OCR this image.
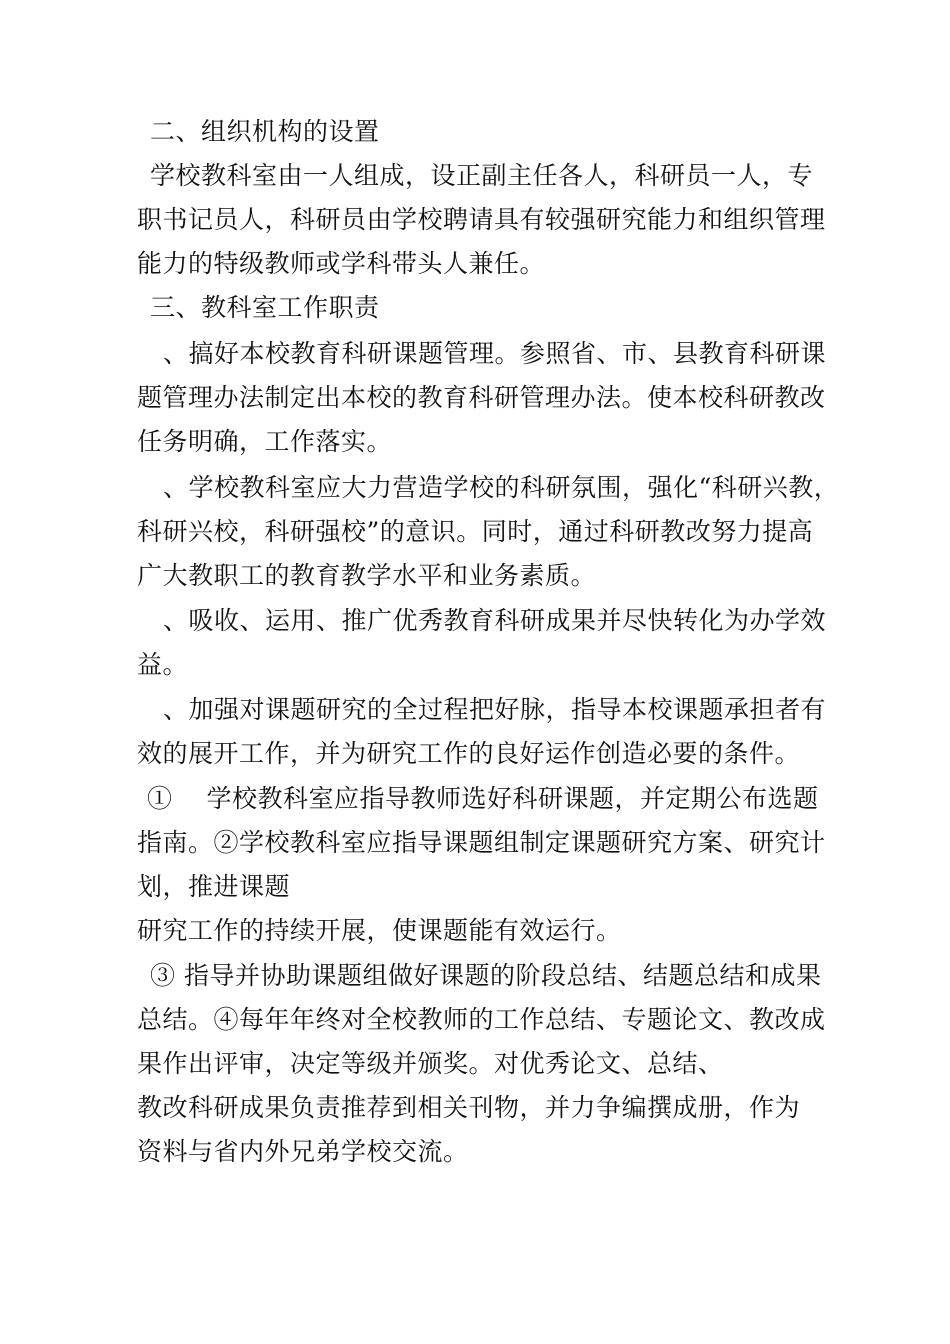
二、组织机构的设置
学校教科室由一人组成，设正副主任各人，科研员一人，专
职书记员人，科研员由学校聘请具有较强研究能力和组织管理
能力的特级教师或学科带头人兼任。
三、教科室工作职责
、搞好本校教育科研课题管理。参照省、市、县教育科研课
题管理办法制定出本校的教育科研管理办法。使本校科研教改
任务明确，工作落实。
、学校教科室应大力营造学校的科研氛围，强化“科研兴教，
科研兴校，科研强校”的意识。同时，通过科研教改努力提高
广大教职工的教育教学水平和业务素质。
、吸收、运用、推广优秀教育科研成果并尽快转化为办学效
益。
、加强对课题研究的全过程把好脉，指导本校课题承担者有
效的展开工作，并为研究工作的良好运作创造必要的条件。
①　 学校教科室应指导教师选好科研课题，并定期公布选题
指南。②学校教科室应指导课题组制定课题研究方案、研究计
划，推进课题
研究工作的持续开展，使课题能有效运行。
③ 指导并协助课题组做好课题的阶段总结、结题总结和成果
总结。④每年年终对全校教师的工作总结、专题论文、教改成
果作出评审，决定等级并颁奖。对优秀论文、总结、
教改科研成果负责推荐到相关刊物，并力争编撰成册，作为
资料与省内外兄弟学校交流。
